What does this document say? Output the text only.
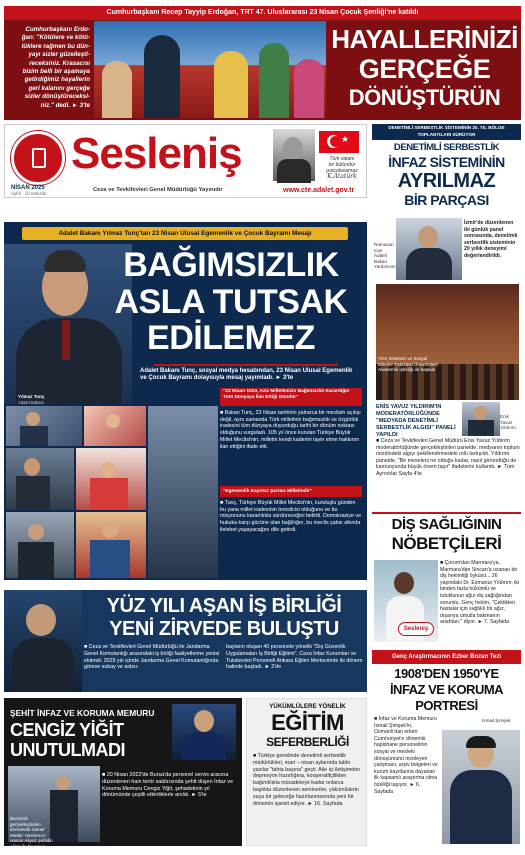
Cumhurbaşkanı Recep Tayyip Erdoğan, TRT 47. Uluslararası 23 Nisan Çocuk Şenliği'ne katıldı
Cumhurbaşkanı Erdo-
ğan: "Kötülere ve kötü-
lüklere rağmen bu dün-
yayı sizler güzelleşti-
receksiniz. Krasacısı
bizim belli bir aşamaya
getirdiğimiz hayallerin
geri kalanını gerçeğe
sizler dönüştüreceksi-
niz." dedi. ► 3'te
HAYALLERİNİZİ
GERÇEĞE
DÖNÜŞTÜRÜN
Sesleniş
NİSAN 2025
Aylık · Ücretsizdir
Ceza ve Tevkifevleri Genel Müdürlüğü Yayınıdır
★
Türk vatanı
bir bütündür
parçalanamaz
K.Atatürk
www.cte.adalet.gov.tr
Adalet Bakanı Yılmaz Tunç'tan 23 Nisan Ulusal Egemenlik ve Çocuk Bayramı Mesajı
BAĞIMSIZLIK
ASLA TUTSAK
EDİLEMEZ
Adalet Bakanı Tunç, sosyal medya hesabından, 23 Nisan Ulusal Egemenlik ve Çocuk Bayramı dolayısıyla mesaj yayımladı. ► 3'te
Yılmaz Tunç
Adalet Bakanı
"23 Nisan 1920, Aziz Milletimizin Bağımsızlık Karardığın Tüm Dünyaya İlan Ettiği Gündür"
■ Bakan Tunç, 23 Nisan tarihinin yalnızca bir meclisin açılışı değil, aynı zamanda Türk milletinin bağımsızlık ve özgürlük iradesini tüm dünyaya duyurduğu tarihi bir dönüm noktası olduğunu vurguladı. 105 yıl önce kurulan Türkiye Büyük Millet Meclisi'nin, milletin kendi kaderini tayin etme hakkının ilan ettiğini ifade etti.
"Egemenlik Kayıtsız Şartsız Milletindir"
■ Tunç, Türkiye Büyük Millet Meclisi'nin, kuruluşlu günden bu yana millet iradesinin temsilcisi olduğunu ve bu misyonunu kararlılıkla sürdüreceğini belirtti. Demokrasiye ve hukuka karşı gücüne olan bağlılığın, bu meclis çatısı altında ilelebet yaşayacağını dile getirdi.
DENETİMLİ SERBESTLİK SİSTEMİNİN 20. YIL BÖLGE TOPLANTILARI SÜRÜYOR
DENETİMLİ SERBESTLİK
İNFAZ SİSTEMİNİN
AYRILMAZ
BİR PARÇASI
Ramazan Can Adalet Bakan Yardımcısı
İzmir'de düzenlenen iki günlük panel sonrasında, denetimli serbestlik sisteminin 20 yıllık deneyimi değerlendirildi.
Yılın Sistemin ve Sosyal Bilimler Fakültesi Üniversitesi Akademik işbirliği ile başladı
ENİS YAVUZ YILDIRIM'IN MODERATÖRLÜĞÜNDE "MEDYADA DENETİMLİ SERBESTLİK ALGISI" PANELİ YAPILDI
Enis Yavuz Yıldırım
■ Ceza ve Tevkifevleri Genel Müdürü Enis Yavuz Yıldırım moderatörlüğünde gerçekleştirilen panelde, medyanın toplum nezdindeki algıyı şekillendirmedeki rolü tartışıldı. Yıldırım panelde, "Bir meseleni ne olduğu kadar, nasıl göründüğü de kamuoyunda büyük önem taşır" ifadelerini kullandı. ► Tüm Ayrıntılar Sayfa 4'te
DİŞ SAĞLIĞININ
NÖBETÇİLERİ
Sesleniş
■ Çorum'dan Marmara'ya, Marmara'dan Sincan'a uzanan bir diş hekimliği öyküsü... 26 yaşındaki Dr. Esmanur Yıldırım, iki binden fazla hükümlü ve tutuklunun ağız-diş sağlığından sorumlu. Genç hekim, "Çektikleri hastalar için sağlıklı bir ağız, dışarıya umutla bakmanın anahtarı." diyor. ► 7. Sayfada
YÜZ YILI AŞAN İŞ BİRLİĞİ
YENİ ZİRVEDE BULUŞTU
■ Ceza ve Tevkifevleri Genel Müdürlüğü ile Jandarma Genel Komutanlığı arasındaki iş birliği faaliyetlerine yenisi eklendi. 2025 yılı içinde Jandarma Genel Komutanlığında göreve subay ve astsu-
bayların oluşan 40 personele yönelik "Dış Güvenlik Uygulamaları İş Birliği Eğitimi", Ceza İnfaz Kurumları ve Tutukevleri Personeli Ankara Eğitim Merkezinde iki dönem halinde başladı. ► 2'de
Genç Araştırmacının Ezber Bozan Tezi
1908'DEN 1950'YE
İNFAZ VE KORUMA
PORTRESİ
■ İnfaz ve Koruma Memuru İsmail Şimşek'in, Osmanlı'dan erken Cumhuriyet'e dönemki hapishane personelinin sosyal ve mesleki dönüşümünü inceleyen çalışması, arşiv belgeleri ve kurum kayıtlarına dayanan ilk kapsamlı araştırma olma özelliği taşıyor. ► 6. Sayfada
İsmail Şimşek
ŞEHİT İNFAZ VE KORUMA MEMURU
CENGİZ YİĞİT
UNUTULMADI
Bursa'da gerçekleştirilen törenlerde Genel Müdür Yardımcısı Hasan Akyol, şehidin ailesi ile bir araya geldi
■ 20 Nisan 2022'de Bursa'da personel servis aracına düzenlenen hain terör saldırısında şehit düşen İnfaz ve Koruma Memuru Cengiz Yiğit, şehadetinin yıl dönümünde çeşitli etkinliklerle anıldı. ► 5'te
YÜKÜMLÜLERE YÖNELİK
EĞİTİM
SEFERBERLİĞİ
■ Türkiye genelinde denetimli serbestlik müdürlükleri, mart – nisan aylarında tablo yazılar "tahta başına" geçti. Aile içi iletişimden depresyon hazırlığına, kooperatifçilikten bağımlılıkla mücadeleye kadar onlarca başlıkta düzenlenen seminerler, yükümlülerin suça bir geleceğe hazırlanmasında yeni bir dönemin işareti ediyor. ► 16. Sayfada
